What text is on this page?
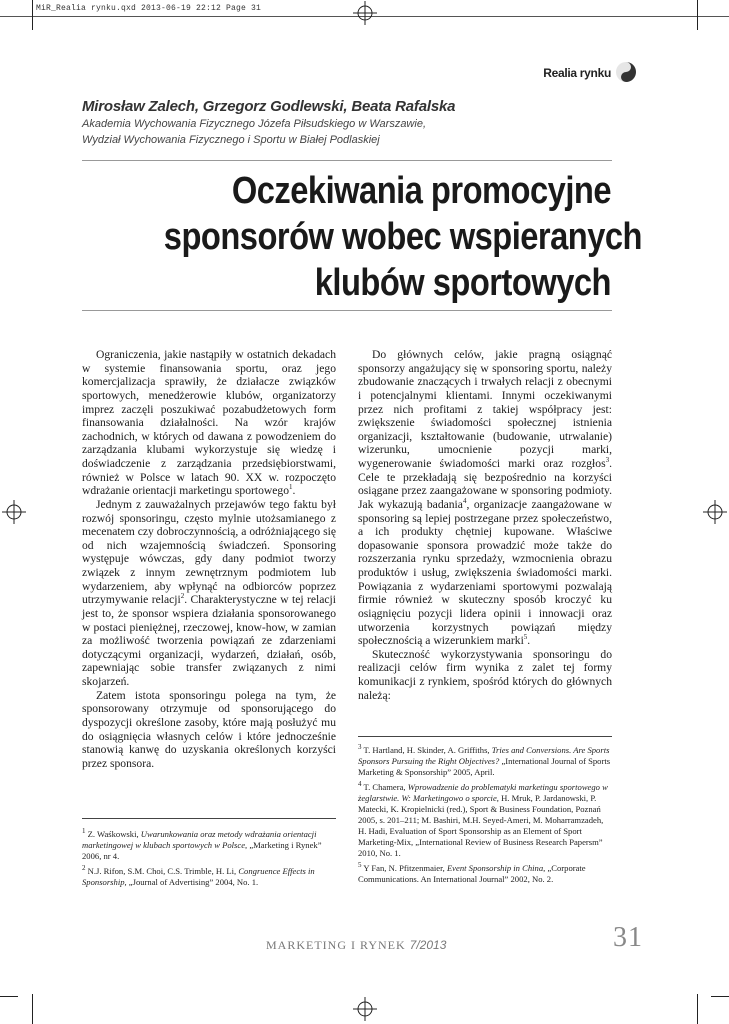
MiR_Realia rynku.qxd 2013-06-19 22:12 Page 31
Realia rynku
Mirosław Zalech, Grzegorz Godlewski, Beata Rafalska
Akademia Wychowania Fizycznego Józefa Piłsudskiego w Warszawie,
Wydział Wychowania Fizycznego i Sportu w Białej Podlaskiej
Oczekiwania promocyjne
sponsorów wobec wspieranych
klubów sportowych

Ograniczenia, jakie nastąpiły w ostatnich dekadach w systemie finansowania sportu, oraz jego komercjalizacja sprawiły, że działacze związków sportowych, menedżerowie klubów, organizatorzy imprez zaczęli poszukiwać pozabudżetowych form finansowania działalności. Na wzór krajów zachodnich, w których od dawana z powodzeniem do zarządzania klubami wykorzystuje się wiedzę i doświadczenie z zarządzania przedsiębiorstwami, również w Polsce w latach 90. XX w. rozpoczęto wdrażanie orientacji marketingu sportowego$^1$.

Jednym z zauważalnych przejawów tego faktu był rozwój sponsoringu, często mylnie utożsamianego z mecenatem czy dobroczynnością, a odróżniającego się od nich wzajemnością świadczeń. Sponsoring występuje wówczas, gdy dany podmiot tworzy związek z innym zewnętrznym podmiotem lub wydarzeniem, aby wpłynąć na odbiorców poprzez utrzymywanie relacji$^2$. Charakterystyczne w tej relacji jest to, że sponsor wspiera działania sponsorowanego w postaci pieniężnej, rzeczowej, know-how, w zamian za możliwość tworzenia powiązań ze zdarzeniami dotyczącymi organizacji, wydarzeń, działań, osób, zapewniając sobie transfer związanych z nimi skojarzeń.

Zatem istota sponsoringu polega na tym, że sponsorowany otrzymuje od sponsorującego do dyspozycji określone zasoby, które mają posłużyć mu do osiągnięcia własnych celów i które jednocześnie stanowią kanwę do uzyskania określonych korzyści przez sponsora.

Do głównych celów, jakie pragną osiągnąć sponsorzy angażujący się w sponsoring sportu, należy zbudowanie znaczących i trwałych relacji z obecnymi i potencjalnymi klientami. Innymi oczekiwanymi przez nich profitami z takiej współpracy jest: zwiększenie świadomości społecznej istnienia organizacji, kształtowanie (budowanie, utrwalanie) wizerunku, umocnienie pozycji marki, wygenerowanie świadomości marki oraz rozgłos$^3$. Cele te przekładają się bezpośrednio na korzyści osiągane przez zaangażowane w sponsoring podmioty. Jak wykazują badania$^4$, organizacje zaangażowane w sponsoring są lepiej postrzegane przez społeczeństwo, a ich produkty chętniej kupowane. Właściwe dopasowanie sponsora prowadzić może także do rozszerzania rynku sprzedaży, wzmocnienia obrazu produktów i usług, zwiększenia świadomości marki. Powiązania z wydarzeniami sportowymi pozwalają firmie również w skuteczny sposób kroczyć ku osiągnięciu pozycji lidera opinii i innowacji oraz utworzenia korzystnych powiązań między społecznością a wizerunkiem marki$^5$.

Skuteczność wykorzystywania sponsoringu do realizacji celów firm wynika z zalet tej formy komunikacji z rynkiem, spośród których do głównych należą:

$^1$ Z. Waśkowski, Uwarunkowania oraz metody wdrażania orientacji marketingowej w klubach sportowych w Polsce, „Marketing i Rynek” 2006, nr 4.
$^2$ N.J. Rifon, S.M. Choi, C.S. Trimble, H. Li, Congruence Effects in Sponsorship, „Journal of Advertising” 2004, No. 1.
$^3$ T. Hartland, H. Skinder, A. Griffiths, Tries and Conversions. Are Sports Sponsors Pursuing the Right Objectives? „International Journal of Sports Marketing & Sponsorship” 2005, April.
$^4$ T. Chamera, Wprowadzenie do problematyki marketingu sportowego w żeglarstwie. W: Marketingowo o sporcie, H. Mruk, P. Jardanowski, P. Matecki, K. Kropielnicki (red.), Sport & Business Foundation, Poznań 2005, s. 201–211; M. Bashiri, M.H. Seyed-Ameri, M. Moharramzadeh, H. Hadi, Evaluation of Sport Sponsorship as an Element of Sport Marketing-Mix, „International Review of Business Research Papersm” 2010, No. 1.
$^5$ Y Fan, N. Pfitzenmaier, Event Sponsorship in China, „Corporate Communications. An International Journal” 2002, No. 2.
MARKETING I RYNEK 7/2013	31
